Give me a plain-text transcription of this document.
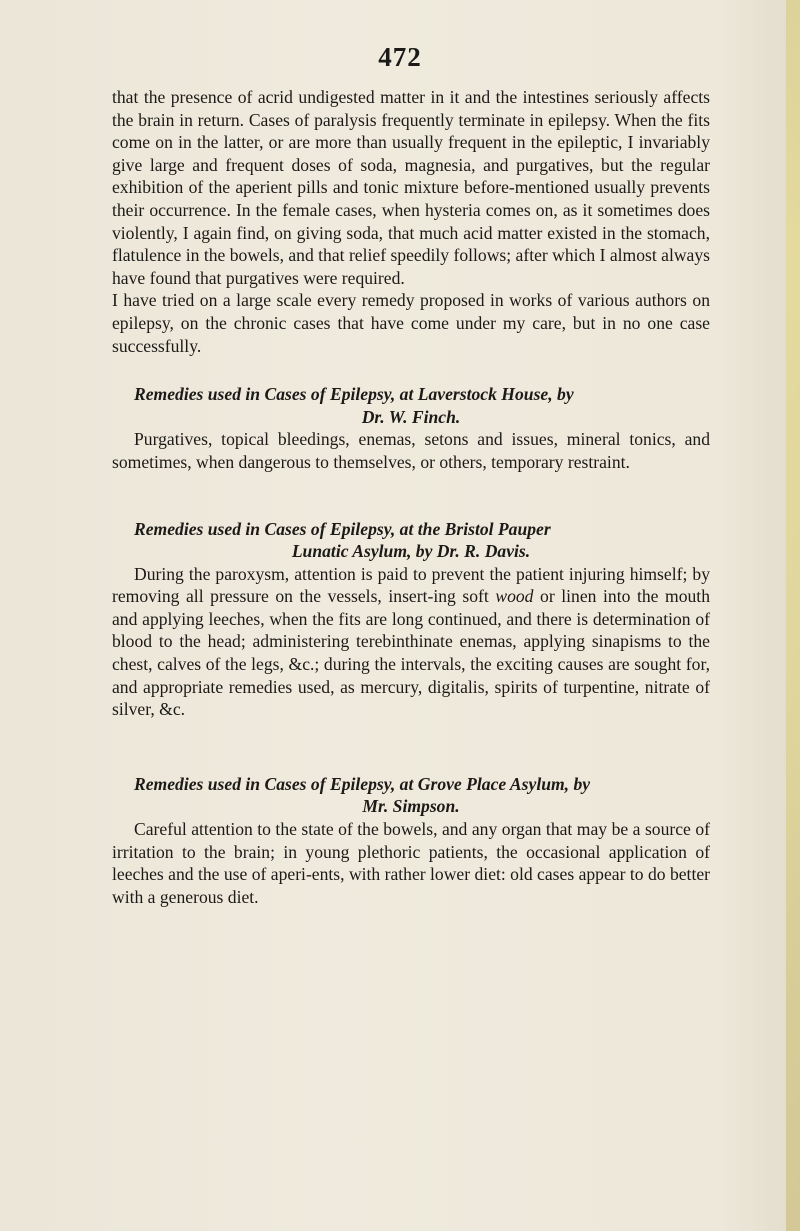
472

that the presence of acrid undigested matter in it and the intestines seriously affects the brain in return. Cases of paralysis frequently terminate in epilepsy. When the fits come on in the latter, or are more than usually frequent in the epileptic, I invariably give large and frequent doses of soda, magnesia, and purgatives, but the regular exhibition of the aperient pills and tonic mixture before-mentioned usually prevents their occurrence. In the female cases, when hysteria comes on, as it sometimes does violently, I again find, on giving soda, that much acid matter existed in the stomach, flatulence in the bowels, and that relief speedily follows; after which I almost always have found that purgatives were required.

I have tried on a large scale every remedy proposed in works of various authors on epilepsy, on the chronic cases that have come under my care, but in no one case successfully.

Remedies used in Cases of Epilepsy, at Laverstock House, by
Dr. W. Finch.

Purgatives, topical bleedings, enemas, setons and issues, mineral tonics, and sometimes, when dangerous to themselves, or others, temporary restraint.

Remedies used in Cases of Epilepsy, at the Bristol Pauper
Lunatic Asylum, by Dr. R. Davis.

During the paroxysm, attention is paid to prevent the patient injuring himself; by removing all pressure on the vessels, insert-ing soft wood or linen into the mouth and applying leeches, when the fits are long continued, and there is determination of blood to the head; administering terebinthinate enemas, applying sinapisms to the chest, calves of the legs, &c.; during the intervals, the exciting causes are sought for, and appropriate remedies used, as mercury, digitalis, spirits of turpentine, nitrate of silver, &c.

Remedies used in Cases of Epilepsy, at Grove Place Asylum, by
Mr. Simpson.

Careful attention to the state of the bowels, and any organ that may be a source of irritation to the brain; in young plethoric patients, the occasional application of leeches and the use of aperi-ents, with rather lower diet: old cases appear to do better with a generous diet.
